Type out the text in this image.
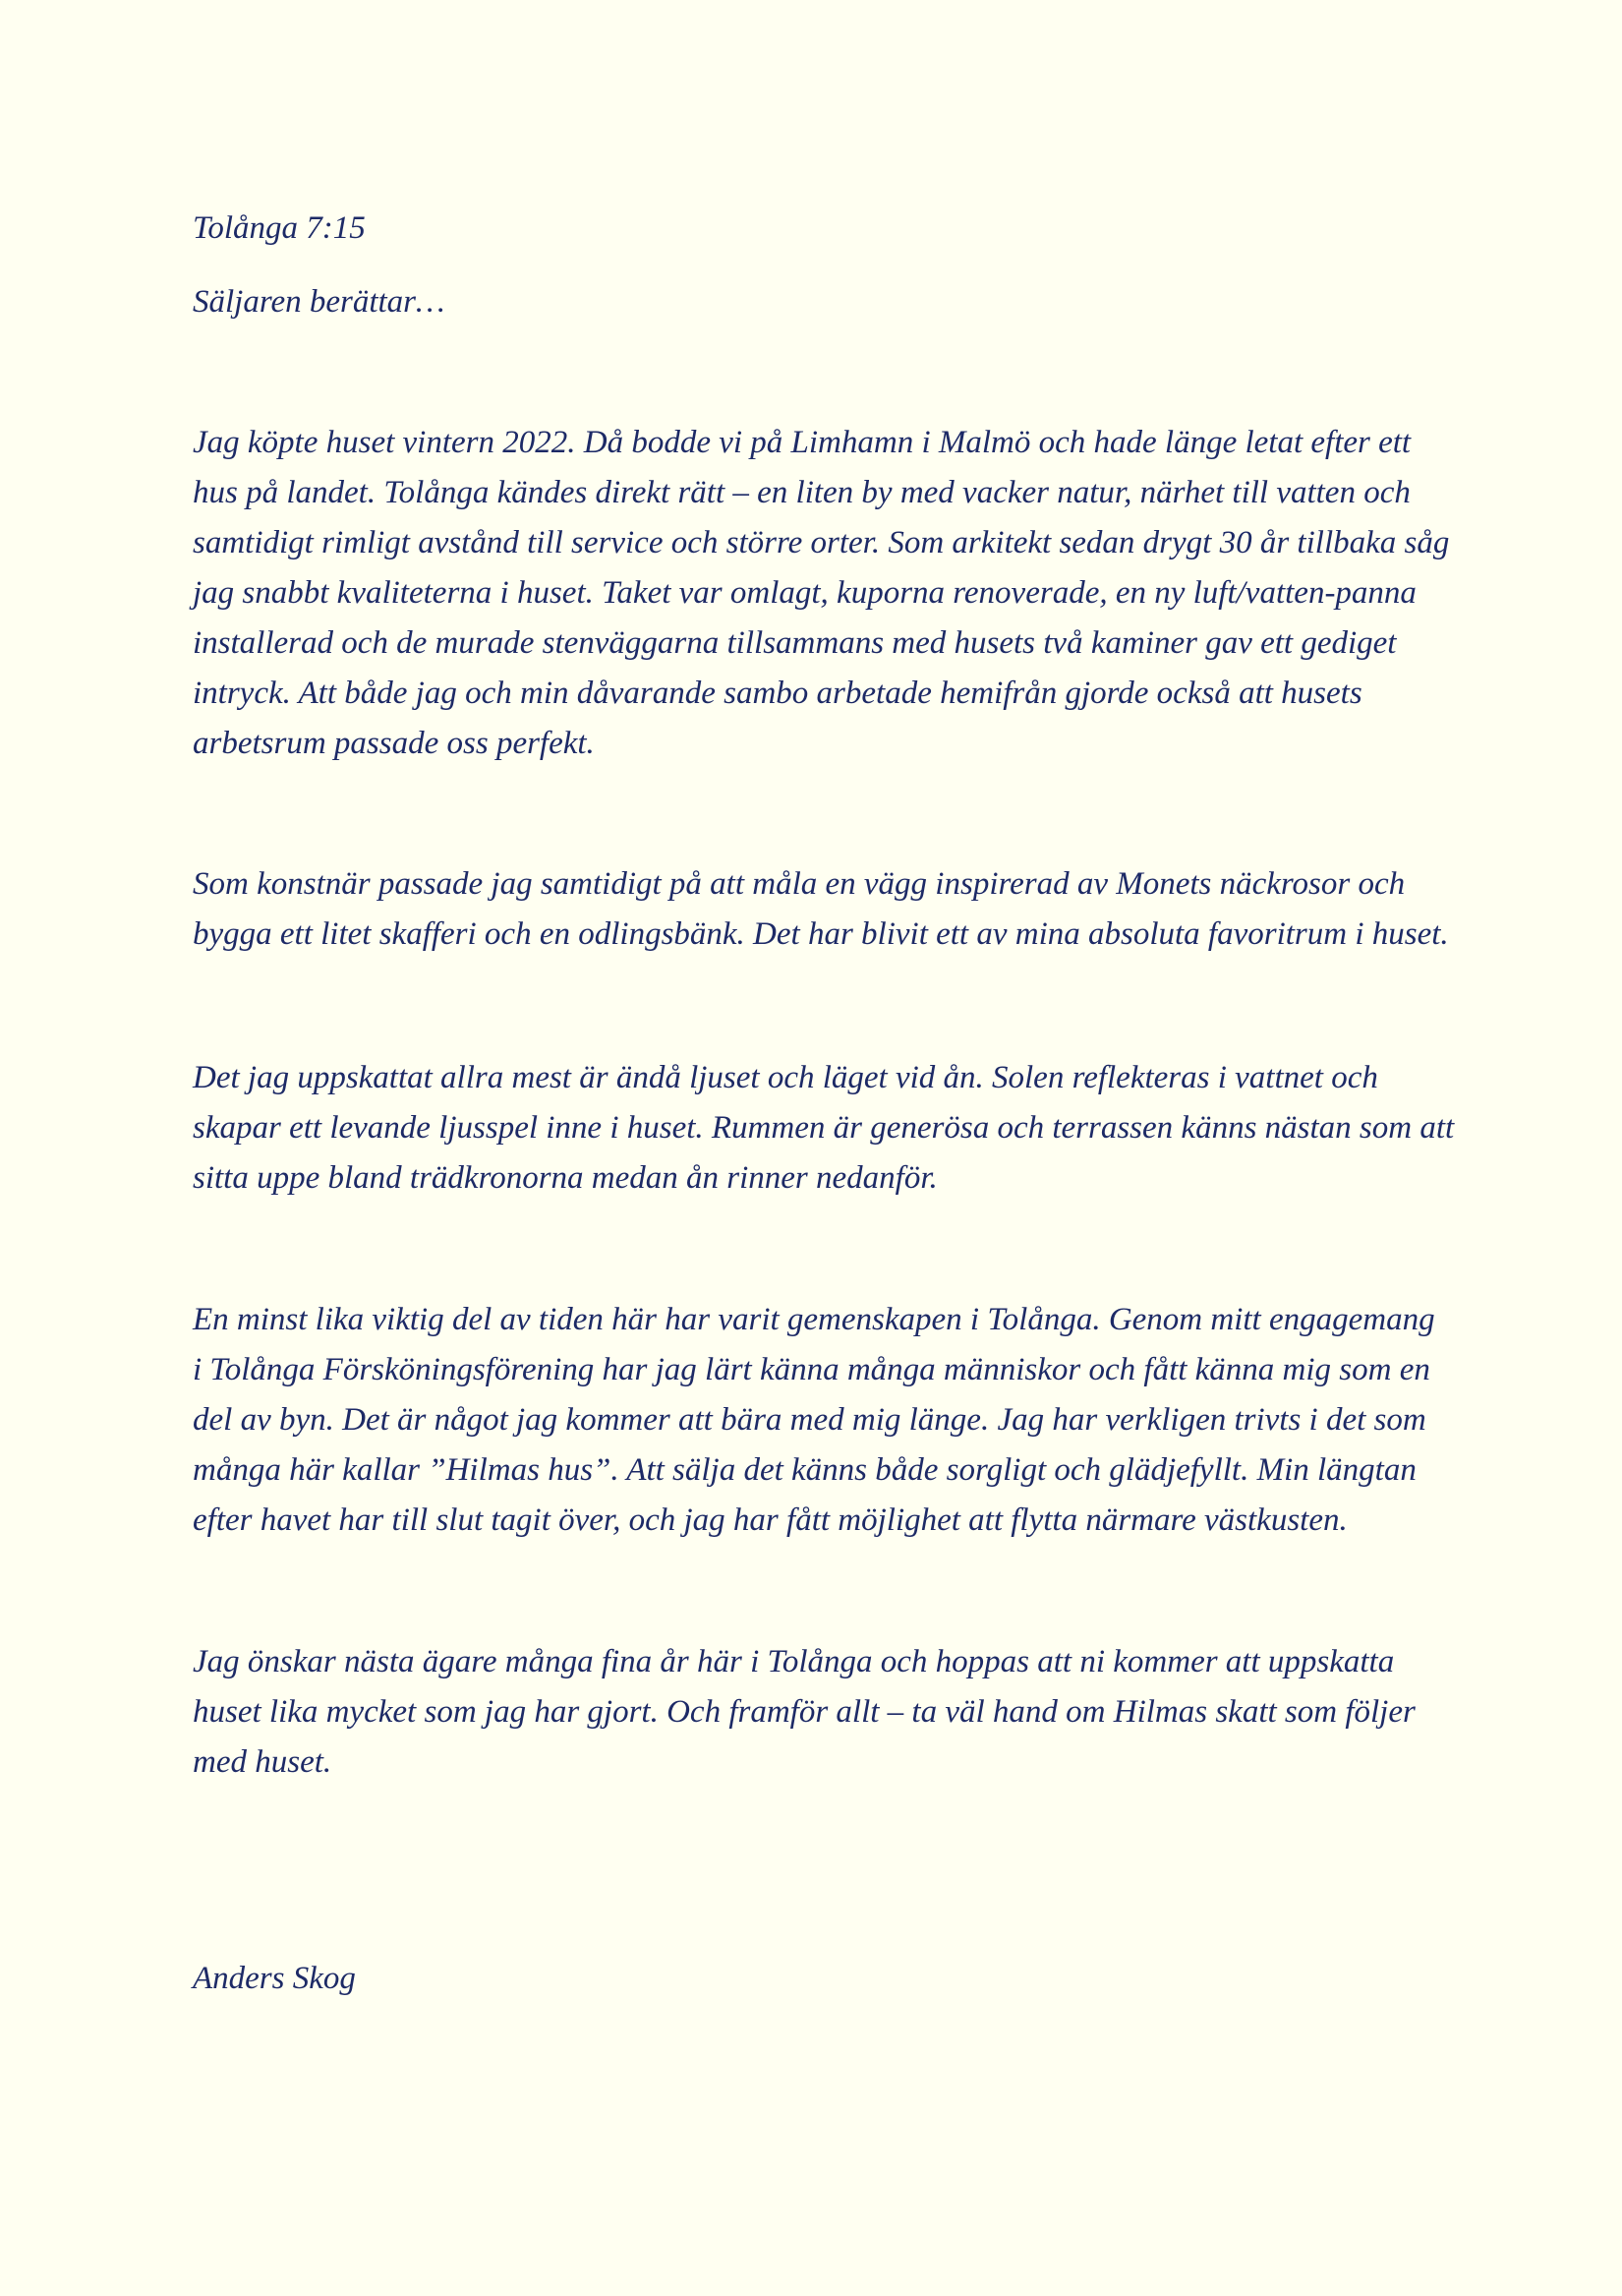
Tolånga 7:15

Säljaren berättar…

Jag köpte huset vintern 2022. Då bodde vi på Limhamn i Malmö och hade länge letat efter ett
hus på landet. Tolånga kändes direkt rätt – en liten by med vacker natur, närhet till vatten och
samtidigt rimligt avstånd till service och större orter. Som arkitekt sedan drygt 30 år tillbaka såg
jag snabbt kvaliteterna i huset. Taket var omlagt, kuporna renoverade, en ny luft/vatten-panna
installerad och de murade stenväggarna tillsammans med husets två kaminer gav ett gediget
intryck. Att både jag och min dåvarande sambo arbetade hemifrån gjorde också att husets
arbetsrum passade oss perfekt.
Som konstnär passade jag samtidigt på att måla en vägg inspirerad av Monets näckrosor och
bygga ett litet skafferi och en odlingsbänk. Det har blivit ett av mina absoluta favoritrum i huset.
Det jag uppskattat allra mest är ändå ljuset och läget vid ån. Solen reflekteras i vattnet och
skapar ett levande ljusspel inne i huset. Rummen är generösa och terrassen känns nästan som att
sitta uppe bland trädkronorna medan ån rinner nedanför.
En minst lika viktig del av tiden här har varit gemenskapen i Tolånga. Genom mitt engagemang
i Tolånga Försköningsförening har jag lärt känna många människor och fått känna mig som en
del av byn. Det är något jag kommer att bära med mig länge. Jag har verkligen trivts i det som
många här kallar ”Hilmas hus”. Att sälja det känns både sorgligt och glädjefyllt. Min längtan
efter havet har till slut tagit över, och jag har fått möjlighet att flytta närmare västkusten.
Jag önskar nästa ägare många fina år här i Tolånga och hoppas att ni kommer att uppskatta
huset lika mycket som jag har gjort. Och framför allt – ta väl hand om Hilmas skatt som följer
med huset.

Anders Skog
